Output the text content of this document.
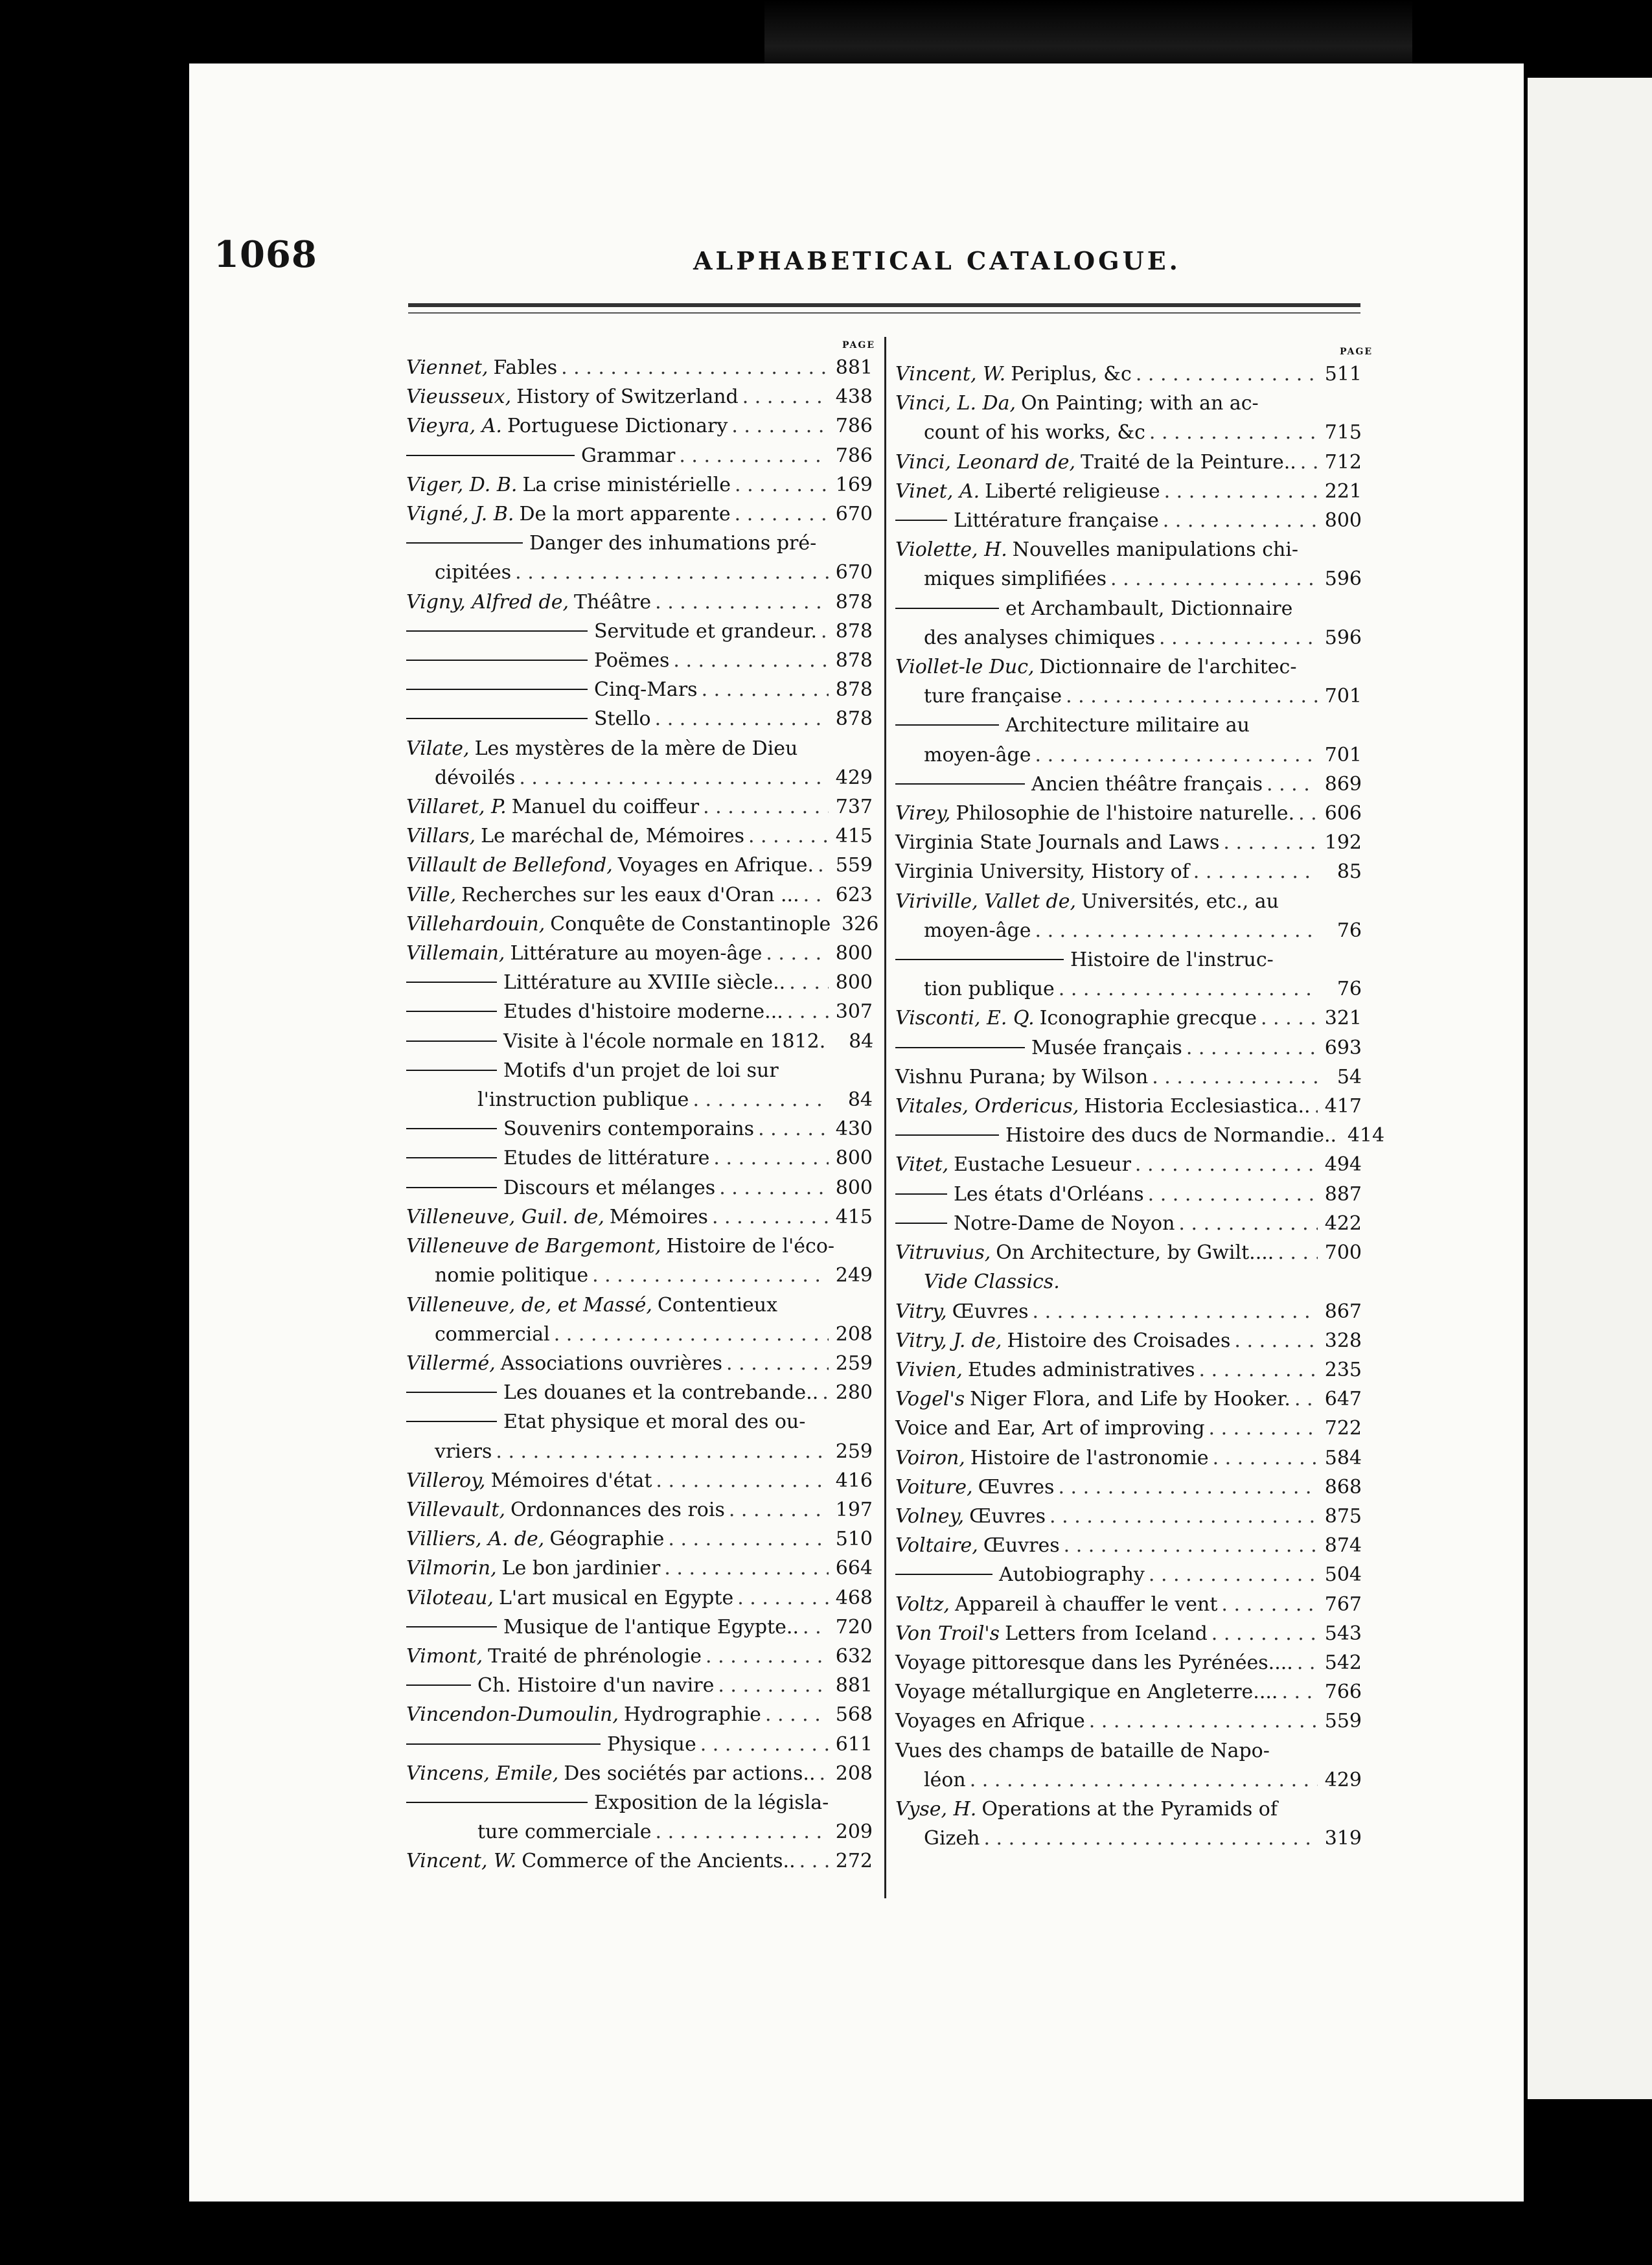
1068	ALPHABETICAL CATALOGUE.
PAGE
PAGE
Viennet, Fables . . .	881
Vieusseux, History of Switzerland . . .	438
Vieyra, A. Portuguese Dictionary . . .	786
Grammar . . .	786
Viger, D. B. La crise ministérielle . . .	169
Vigné, J. B. De la mort apparente . . .	670
Danger des inhumations pré-
cipitées . . .	670
Vigny, Alfred de, Théâtre . . .	878
Servitude et grandeur. . . . 878
Poëmes . . .	878
Cinq-Mars . . .	878
Stello . . .	878
Vilate, Les mystères de la mère de Dieu
dévoilés . . .	429
Villaret, P. Manuel du coiffeur . . .	737
Villars, Le maréchal de, Mémoires . . .	415
Villault de Bellefond, Voyages en Afrique. . . . 559
Ville, Recherches sur les eaux d'Oran ... . . . 623
Villehardouin, Conquête de Constantinople 326
Villemain, Littérature au moyen-âge . . .	800
Littérature au XVIIIe siècle.. . . .	800
Etudes d'histoire moderne... . . .	307
Visite à l'école normale en 1812.	84
Motifs d'un projet de loi sur
l'instruction publique . . .	84
Souvenirs contemporains . . .	430
Etudes de littérature . . .	800
Discours et mélanges . . .	800
Villeneuve, Guil. de, Mémoires . . .	415
Villeneuve de Bargemont, Histoire de l'éco-
nomie politique . . .	249
Villeneuve, de, et Massé, Contentieux
commercial . . .	208
Villermé, Associations ouvrières . . .	259
Les douanes et la contrebande.. . . . 280
Etat physique et moral des ou-
vriers . . .	259
Villeroy, Mémoires d'état . . .	416
Villevault, Ordonnances des rois . . .	197
Villiers, A. de, Géographie . . .	510
Vilmorin, Le bon jardinier . . .	664
Viloteau, L'art musical en Egypte . . .	468
Musique de l'antique Egypte.. . . . 720
Vimont, Traité de phrénologie . . .	632
Ch. Histoire d'un navire . . .	881
Vincendon-Dumoulin, Hydrographie . . .	568
Physique . . .	611
Vincens, Emile, Des sociétés par actions.. . . . 208
Exposition de la législa-
ture commerciale . . .	209
Vincent, W. Commerce of the Ancients.. . . . 272
Vincent, W. Periplus, &c . . .	511
Vinci, L. Da, On Painting; with an ac-
count of his works, &c . . .	715
Vinci, Leonard de, Traité de la Peinture.. . . . 712
Vinet, A. Liberté religieuse . . .	221
Littérature française . . .	800
Violette, H. Nouvelles manipulations chi-
miques simplifiées . . .	596
et Archambault, Dictionnaire
des analyses chimiques . . .	596
Viollet-le Duc, Dictionnaire de l'architec-
ture française . . .	701
Architecture militaire au
moyen-âge . . .	701
Ancien théâtre français . . .	869
Virey, Philosophie de l'histoire naturelle. . . . 606
Virginia State Journals and Laws . . .	192
Virginia University, History of . . .	85
Viriville, Vallet de, Universités, etc., au
moyen-âge . . .	76
Histoire de l'instruc-
tion publique . . .	76
Visconti, E. Q. Iconographie grecque . . .	321
Musée français . . .	693
Vishnu Purana; by Wilson . . .	54
Vitales, Ordericus, Historia Ecclesiastica.. . . . 417
Histoire des ducs de Normandie.. 414
Vitet, Eustache Lesueur . . .	494
Les états d'Orléans . . .	887
Notre-Dame de Noyon . . .	422
Vitruvius, On Architecture, by Gwilt.... . . .	700
Vide Classics.
Vitry, Œuvres . . .	867
Vitry, J. de, Histoire des Croisades . . .	328
Vivien, Etudes administratives . . .	235
Vogel's Niger Flora, and Life by Hooker. . . . 647
Voice and Ear, Art of improving . . .	722
Voiron, Histoire de l'astronomie . . .	584
Voiture, Œuvres . . .	868
Volney, Œuvres . . .	875
Voltaire, Œuvres . . .	874
Autobiography . . .	504
Voltz, Appareil à chauffer le vent . . .	767
Von Troil's Letters from Iceland . . .	543
Voyage pittoresque dans les Pyrénées.... . . . 542
Voyage métallurgique en Angleterre.... . . . 766
Voyages en Afrique . . .	559
Vues des champs de bataille de Napo-
léon . . .	429
Vyse, H. Operations at the Pyramids of
Gizeh . . .	319
